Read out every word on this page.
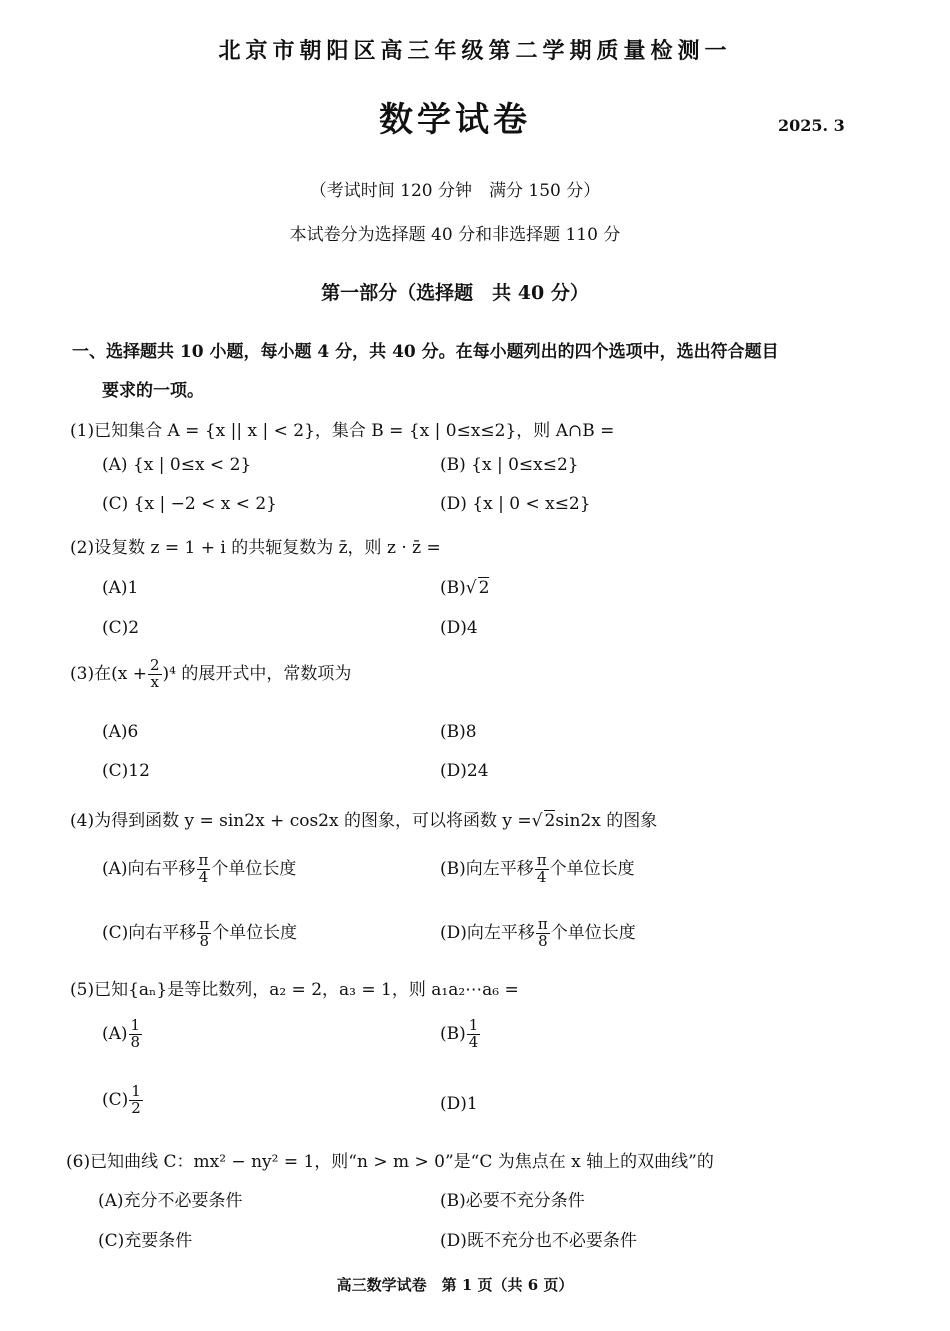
北京市朝阳区高三年级第二学期质量检测一
数学试卷	2025. 3
（考试时间 120 分钟　满分 150 分）
本试卷分为选择题 40 分和非选择题 110 分
第一部分（选择题　共 40 分）
一、选择题共 10 小题，每小题 4 分，共 40 分。在每小题列出的四个选项中，选出符合题目
要求的一项。
(1)已知集合 A = {x || x | < 2}，集合 B = {x | 0≤x≤2}，则 A∩B =
(A) {x | 0≤x < 2}	(B) {x | 0≤x≤2}
(C) {x | −2 < x < 2}	(D) {x | 0 < x≤2}
(2)设复数 z = 1 + i 的共轭复数为 z̄，则 z · z̄ =
(A)1	(B)√ 2
(C)2	(D)4
(3)在$(x + \frac{2}{x} )^4$ 的展开式中，常数项为
(A)6	(B)8
(C)12	(D)24
(4)为得到函数 y = sin2x + cos2x 的图象，可以将函数 y =√ 2sin2x 的图象
(A)向右平移 $\frac{\pi}{4}$ 个单位长度	(B)向左平移 $\frac{\pi}{4}$ 个单位长度
(C)向右平移 $\frac{\pi}{8}$ 个单位长度	(D)向左平移 $\frac{\pi}{8}$ 个单位长度
(5)已知{aₙ}是等比数列，a₂ = 2，a₃ = 1，则 a₁a₂⋯a₆ =
$(A) \frac{1}{8}$	$(B) \frac{1}{4}$
$(C) \frac{1}{2}$	(D)1
(6)已知曲线 C：mx² − ny² = 1，则“n > m > 0”是“C 为焦点在 x 轴上的双曲线”的
(A)充分不必要条件	(B)必要不充分条件
(C)充要条件	(D)既不充分也不必要条件
高三数学试卷　第 1 页（共 6 页）
